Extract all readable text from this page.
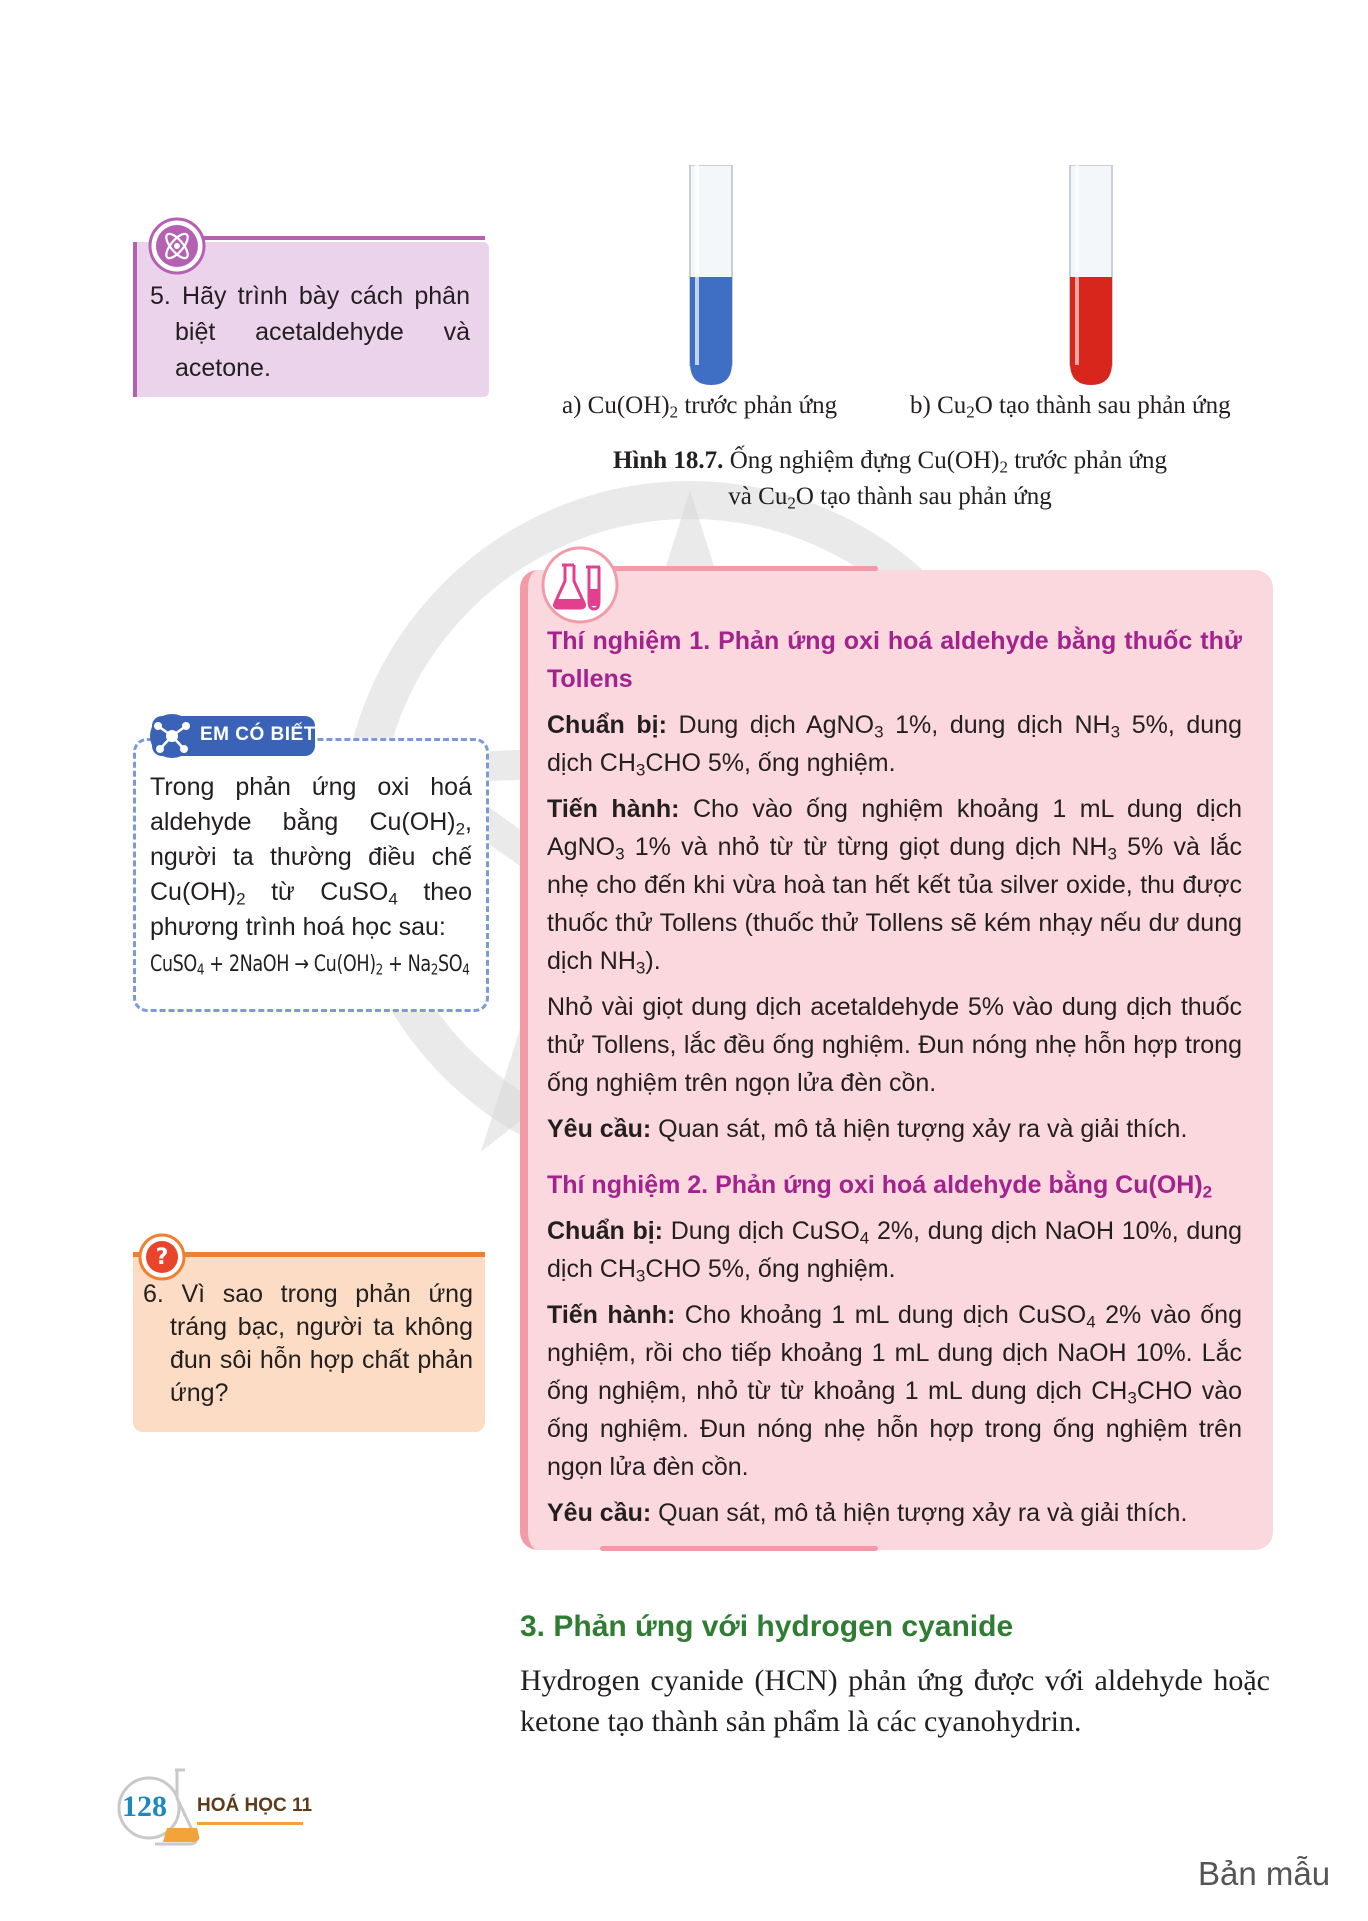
5. Hãy trình bày cách phân biệt acetaldehyde và acetone.
a) $Cu(OH)_2$ trước phản ứng	b) $Cu_2O$ tạo thành sau phản ứng
Hình 18.7. Ống nghiệm đựng $Cu(OH)_2$ trước phản ứng
và $Cu_2O$ tạo thành sau phản ứng

Thí nghiệm 1. Phản ứng oxi hoá aldehyde bằng thuốc thử Tollens

Chuẩn bị: Dung dịch AgNO$_3$ 1%, dung dịch $NH_3$ 5%, dung dịch $CH_3CHO$ 5%, ống nghiệm.

Tiến hành: Cho vào ống nghiệm khoảng 1 mL dung dịch AgNO$_3$ 1% và nhỏ từ từ từng giọt dung dịch $NH_3$ 5% và lắc nhẹ cho đến khi vừa hoà tan hết kết tủa silver oxide, thu được thuốc thử Tollens (thuốc thử Tollens sẽ kém nhạy nếu dư dung dịch $NH_3$).

Nhỏ vài giọt dung dịch acetaldehyde 5% vào dung dịch thuốc thử Tollens, lắc đều ống nghiệm. Đun nóng nhẹ hỗn hợp trong ống nghiệm trên ngọn lửa đèn cồn.

Yêu cầu: Quan sát, mô tả hiện tượng xảy ra và giải thích.

Thí nghiệm 2. Phản ứng oxi hoá aldehyde bằng $Cu(OH)_2$

Chuẩn bị: Dung dịch CuSO$_4$ 2%, dung dịch NaOH 10%, dung dịch $CH_3CHO$ 5%, ống nghiệm.

Tiến hành: Cho khoảng 1 mL dung dịch CuSO$_4$ 2% vào ống nghiệm, rồi cho tiếp khoảng 1 mL dung dịch NaOH 10%. Lắc ống nghiệm, nhỏ từ từ khoảng 1 mL dung dịch $CH_3CHO$ vào ống nghiệm. Đun nóng nhẹ hỗn hợp trong ống nghiệm trên ngọn lửa đèn cồn.

Yêu cầu: Quan sát, mô tả hiện tượng xảy ra và giải thích.

EM CÓ BIẾT
Trong phản ứng oxi hoá aldehyde bằng $Cu(OH)_2$, người ta thường điều chế $Cu(OH)_2$ từ CuSO$_4$ theo phương trình hoá học sau:
CuSO$_4$ + 2NaOH → $Cu(OH)_2 + Na_2SO_4$
?
6. Vì sao trong phản ứng tráng bạc, người ta không đun sôi hỗn hợp chất phản ứng?
3. Phản ứng với hydrogen cyanide
Hydrogen cyanide (HCN) phản ứng được với aldehyde hoặc ketone tạo thành sản phẩm là các cyanohydrin.
128 HOÁ HỌC 11
Bản mẫu
